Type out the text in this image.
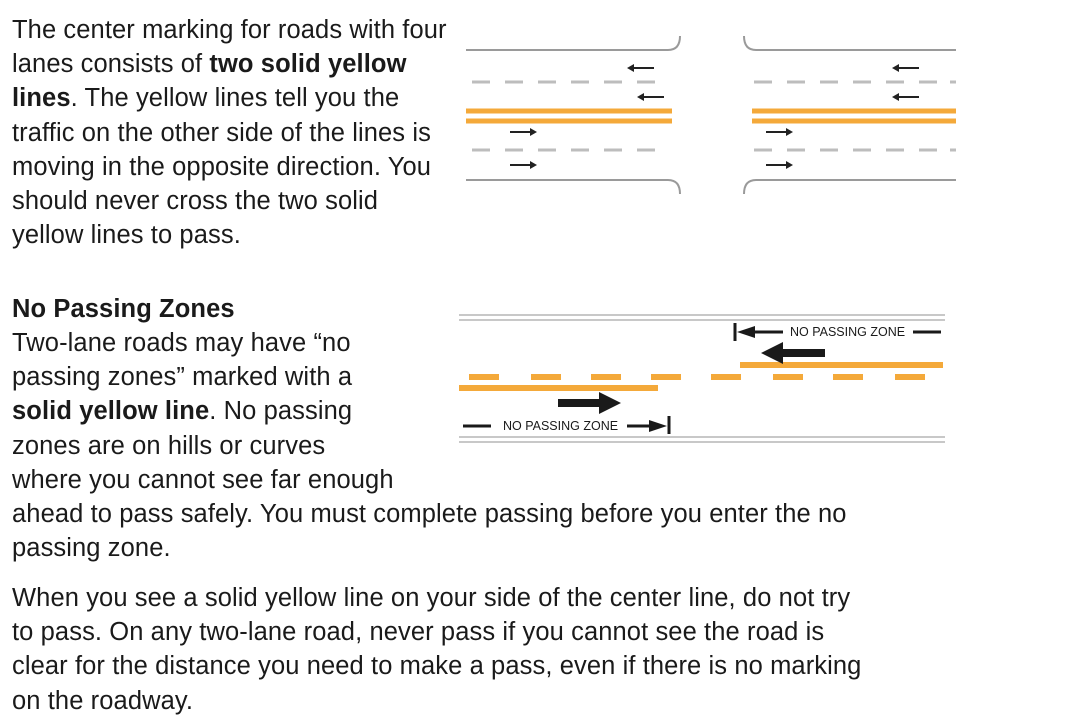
The center marking for roads with four lanes consists of two solid yellow lines. The yellow lines tell you the traffic on the other side of the lines is moving in the opposite direction. You should never cross the two solid yellow lines to pass.

No Passing Zones
Two-lane roads may have “no
passing zones” marked with a
solid yellow line. No passing
zones are on hills or curves
where you cannot see far enough
ahead to pass safely. You must complete passing before you enter the no
passing zone.
NO PASSING ZONE
NO PASSING ZONE
When you see a solid yellow line on your side of the center line, do not try
to pass. On any two-lane road, never pass if you cannot see the road is
clear for the distance you need to make a pass, even if there is no marking
on the roadway.
